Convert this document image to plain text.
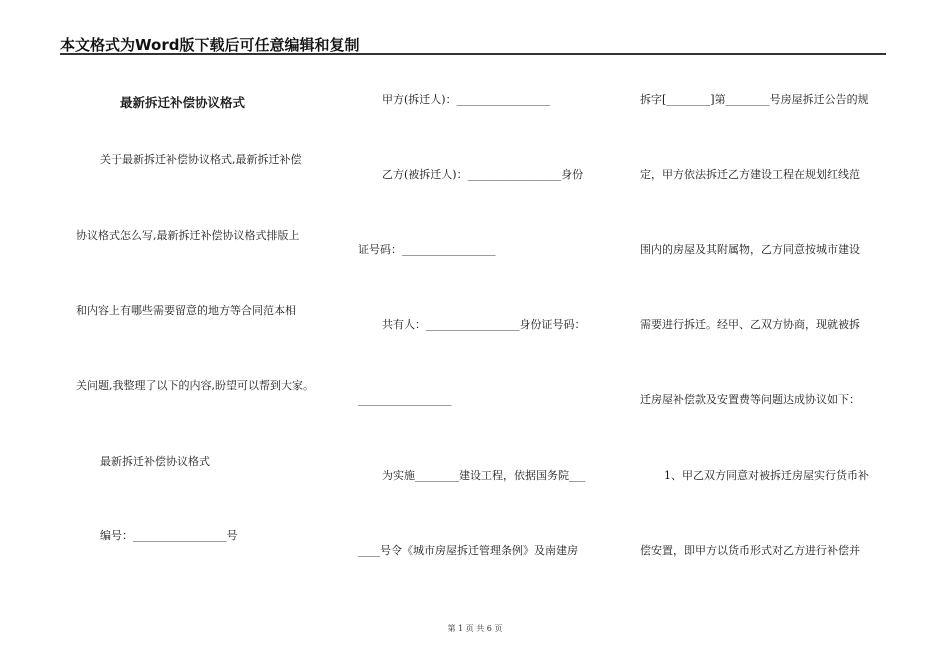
本文格式为Word版下载后可任意编辑和复制
最新拆迁补偿协议格式
关于最新拆迁补偿协议格式,最新拆迁补偿
协议格式怎么写,最新拆迁补偿协议格式排版上
和内容上有哪些需要留意的地方等合同范本相
关问题,我整理了以下的内容,盼望可以帮到大家。
最新拆迁补偿协议格式
编号：_________________号
甲方(拆迁人)：_________________
乙方(被拆迁人)：_________________身份
证号码：_________________
共有人：_________________身份证号码：
_________________
为实施________建设工程，依据国务院___
____号令《城市房屋拆迁管理条例》及南建房
拆字[________]第________号房屋拆迁公告的规
定，甲方依法拆迁乙方建设工程在规划红线范
围内的房屋及其附属物，乙方同意按城市建设
需要进行拆迁。经甲、乙双方协商，现就被拆
迁房屋补偿款及安置费等问题达成协议如下：
1、甲乙双方同意对被拆迁房屋实行货币补
偿安置，即甲方以货币形式对乙方进行补偿并
第 1 页 共 6 页
